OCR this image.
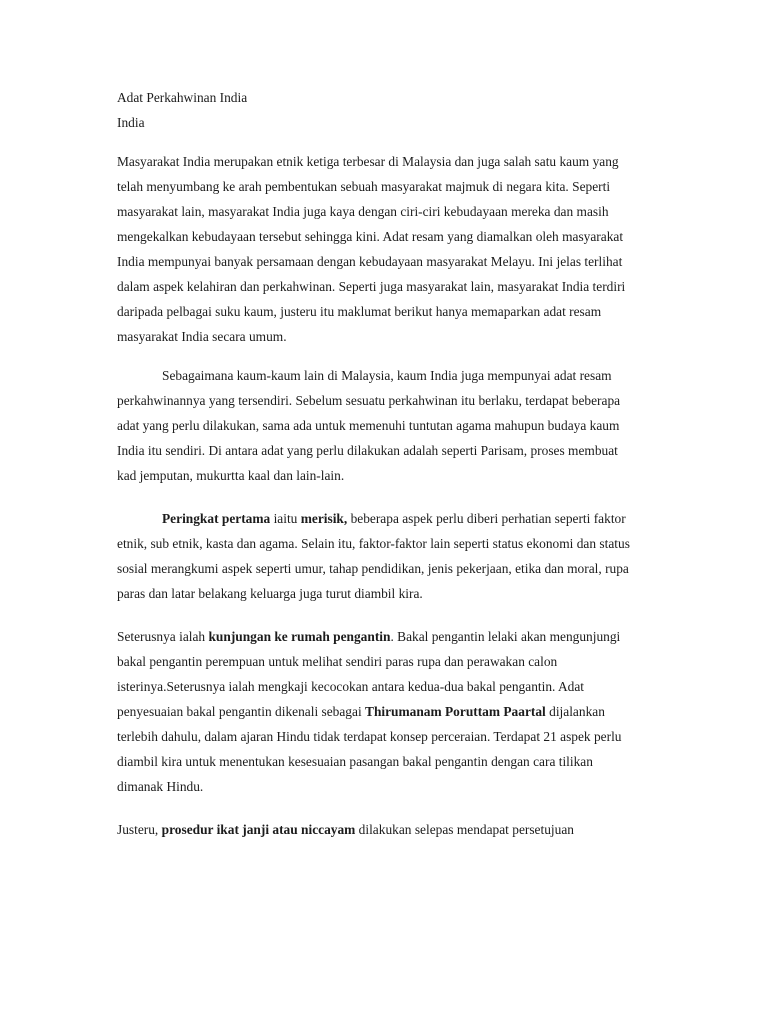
Adat Perkahwinan India

India

Masyarakat India merupakan etnik ketiga terbesar di Malaysia dan juga salah satu kaum yang telah menyumbang ke arah pembentukan sebuah masyarakat majmuk di negara kita. Seperti masyarakat lain, masyarakat India juga kaya dengan ciri-ciri kebudayaan mereka dan masih mengekalkan kebudayaan tersebut sehingga kini. Adat resam yang diamalkan oleh masyarakat India mempunyai banyak persamaan dengan kebudayaan masyarakat Melayu. Ini jelas terlihat dalam aspek kelahiran dan perkahwinan. Seperti juga masyarakat lain, masyarakat India terdiri daripada pelbagai suku kaum, justeru itu maklumat berikut hanya memaparkan adat resam masyarakat India secara umum.

Sebagaimana kaum-kaum lain di Malaysia, kaum India juga mempunyai adat resam perkahwinannya yang tersendiri. Sebelum sesuatu perkahwinan itu berlaku, terdapat beberapa adat yang perlu dilakukan, sama ada untuk memenuhi tuntutan agama mahupun budaya kaum India itu sendiri. Di antara adat yang perlu dilakukan adalah seperti Parisam, proses membuat kad jemputan, mukurtta kaal dan lain-lain.

Peringkat pertama iaitu merisik, beberapa aspek perlu diberi perhatian seperti faktor etnik, sub etnik, kasta dan agama. Selain itu, faktor-faktor lain seperti status ekonomi dan status sosial merangkumi aspek seperti umur, tahap pendidikan, jenis pekerjaan, etika dan moral, rupa paras dan latar belakang keluarga juga turut diambil kira.

Seterusnya ialah kunjungan ke rumah pengantin. Bakal pengantin lelaki akan mengunjungi bakal pengantin perempuan untuk melihat sendiri paras rupa dan perawakan calon isterinya.Seterusnya ialah mengkaji kecocokan antara kedua-dua bakal pengantin. Adat penyesuaian bakal pengantin dikenali sebagai Thirumanam Poruttam Paartal dijalankan terlebih dahulu, dalam ajaran Hindu tidak terdapat konsep perceraian. Terdapat 21 aspek perlu diambil kira untuk menentukan kesesuaian pasangan bakal pengantin dengan cara tilikan dimanak Hindu.

Justeru, prosedur ikat janji atau niccayam dilakukan selepas mendapat persetujuan
